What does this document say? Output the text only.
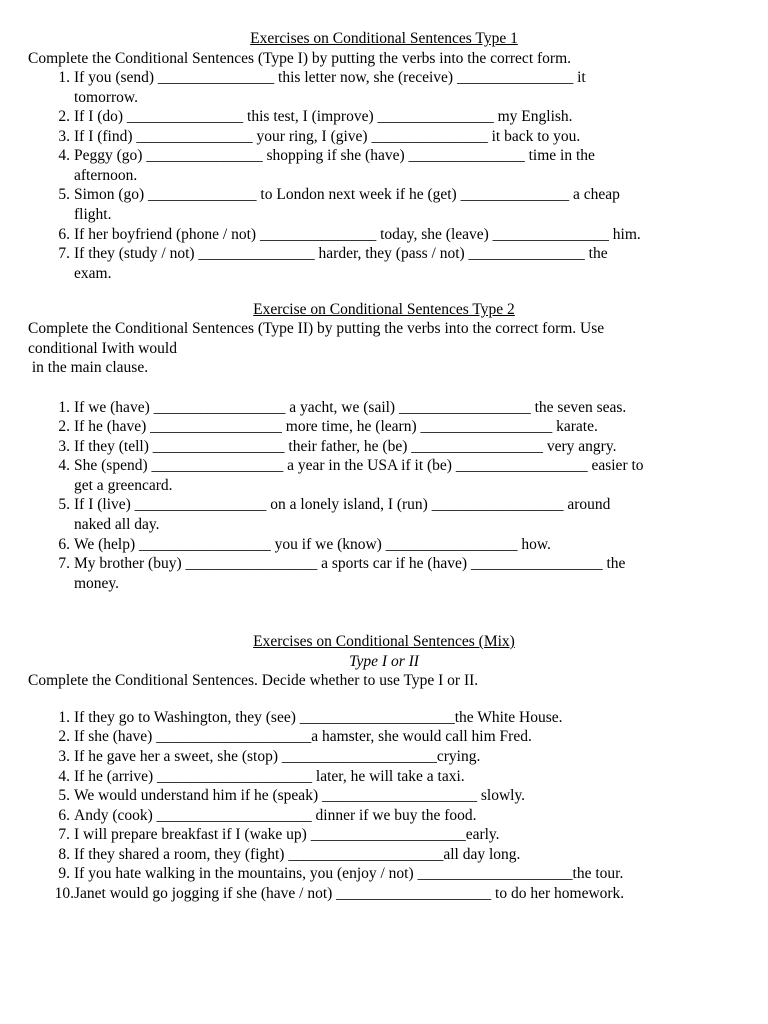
Exercises on Conditional Sentences Type 1
Complete the Conditional Sentences (Type I) by putting the verbs into the correct form.
1. If you (send) _______________ this letter now, she (receive) _______________ it
tomorrow.
2. If I (do) _______________ this test, I (improve) _______________ my English.
3. If I (find) _______________ your ring, I (give) _______________ it back to you.
4. Peggy (go) _______________ shopping if she (have) _______________ time in the
afternoon.
5. Simon (go) ______________ to London next week if he (get) ______________ a cheap
flight.
6. If her boyfriend (phone / not) _______________ today, she (leave) _______________ him.
7. If they (study / not) _______________ harder, they (pass / not) _______________ the
exam.
Exercise on Conditional Sentences Type 2
Complete the Conditional Sentences (Type II) by putting the verbs into the correct form. Use
conditional Iwith would
in the main clause.
1. If we (have) _________________ a yacht, we (sail) _________________ the seven seas.
2. If he (have) _________________ more time, he (learn) _________________ karate.
3. If they (tell) _________________ their father, he (be) _________________ very angry.
4. She (spend) _________________ a year in the USA if it (be) _________________ easier to
get a greencard.
5. If I (live) _________________ on a lonely island, I (run) _________________ around
naked all day.
6. We (help) _________________ you if we (know) _________________ how.
7. My brother (buy) _________________ a sports car if he (have) _________________ the
money.
Exercises on Conditional Sentences (Mix)
Type I or II
Complete the Conditional Sentences. Decide whether to use Type I or II.
1. If they go to Washington, they (see) ____________________the White House.
2. If she (have) ____________________a hamster, she would call him Fred.
3. If he gave her a sweet, she (stop) ____________________crying.
4. If he (arrive) ____________________ later, he will take a taxi.
5. We would understand him if he (speak) ____________________ slowly.
6. Andy (cook) ____________________ dinner if we buy the food.
7. I will prepare breakfast if I (wake up) ____________________early.
8. If they shared a room, they (fight) ____________________all day long.
9. If you hate walking in the mountains, you (enjoy / not) ____________________the tour.
10. Janet would go jogging if she (have / not) ____________________ to do her homework.
